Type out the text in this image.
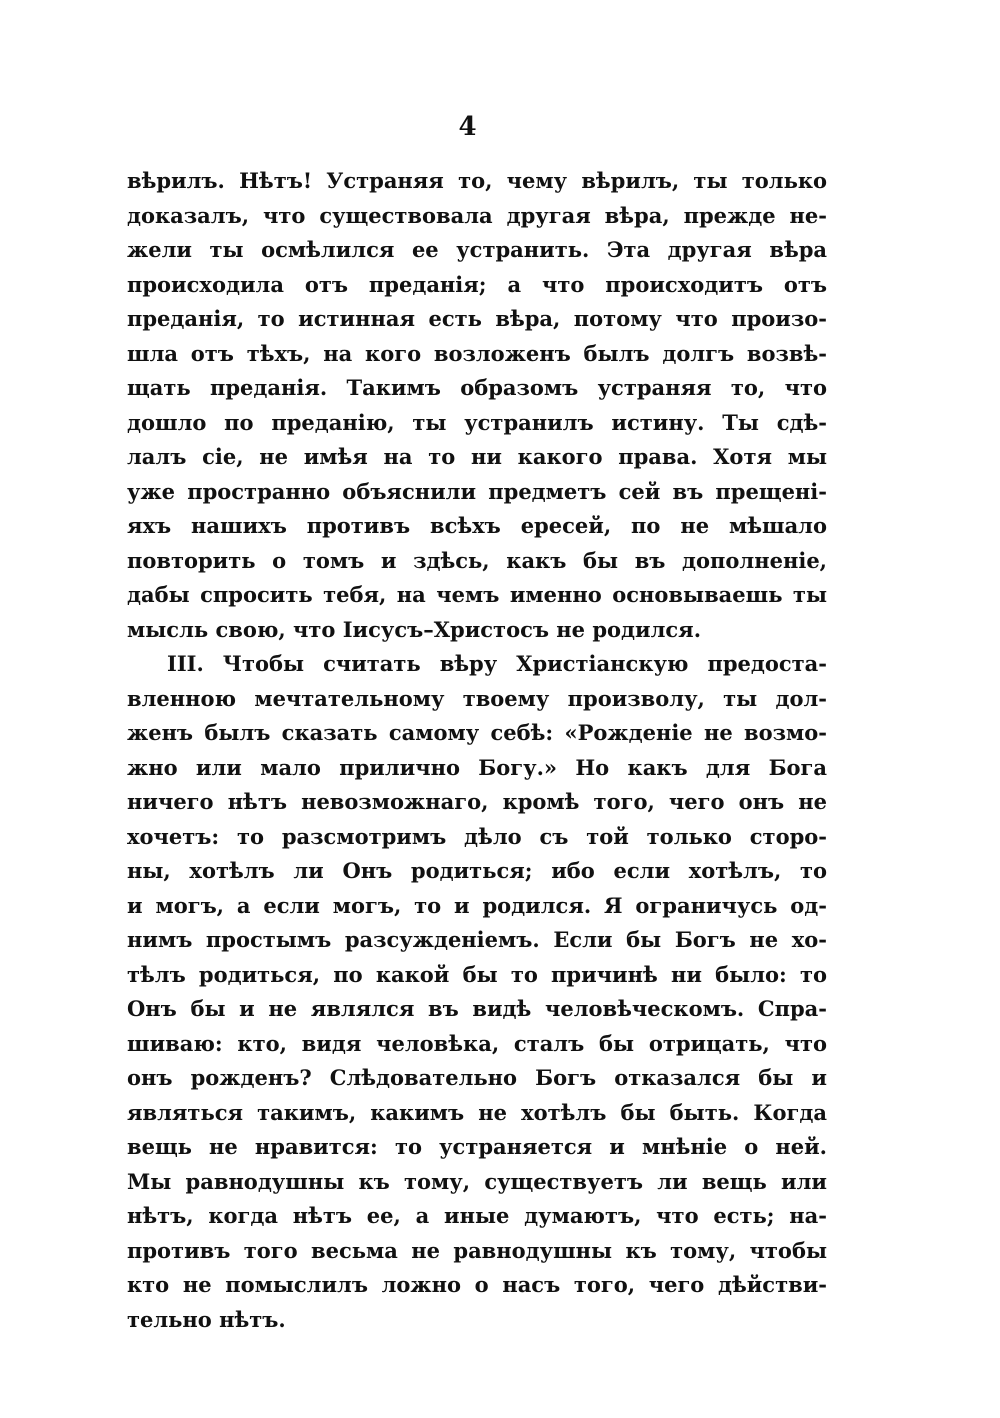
4
вѣрилъ. Нѣтъ! Устраняя то, чему вѣрилъ, ты только
доказалъ, что существовала другая вѣра, прежде не-
жели ты осмѣлился ее устранить. Эта другая вѣра
происходила отъ преданія; а что происходитъ отъ
преданія, то истинная есть вѣра, потому что произо-
шла отъ тѣхъ, на кого возложенъ былъ долгъ возвѣ-
щать преданія. Такимъ образомъ устраняя то, что
дошло по преданію, ты устранилъ истину. Ты сдѣ-
лалъ сіе, не имѣя на то ни какого права. Хотя мы
уже пространно объяснили предметъ сей въ прещені-
яхъ нашихъ противъ всѣхъ ересей, по не мѣшало
повторить о томъ и здѣсь, какъ бы въ дополненіе,
дабы спросить тебя, на чемъ именно основываешь ты
мысль свою, что Іисусъ–Христосъ не родился.
III. Чтобы считать вѣру Христіанскую предоста-
вленною мечтательному твоему произволу, ты дол-
женъ былъ сказать самому себѣ: «Рожденіе не возмо-
жно или мало прилично Богу.» Но какъ для Бога
ничего нѣтъ невозможнаго, кромѣ того, чего онъ не
хочетъ: то разсмотримъ дѣло съ той только сторо-
ны, хотѣлъ ли Онъ родиться; ибо если хотѣлъ, то
и могъ, а если могъ, то и родился. Я ограничусь од-
нимъ простымъ разсужденіемъ. Если бы Богъ не хо-
тѣлъ родиться, по какой бы то причинѣ ни было: то
Онъ бы и не являлся въ видѣ человѣческомъ. Спра-
шиваю: кто, видя человѣка, сталъ бы отрицать, что
онъ рожденъ? Слѣдовательно Богъ отказался бы и
являться такимъ, какимъ не хотѣлъ бы быть. Когда
вещь не нравится: то устраняется и мнѣніе о ней.
Мы равнодушны къ тому, существуетъ ли вещь или
нѣтъ, когда нѣтъ ее, а иные думаютъ, что есть; на-
противъ того весьма не равнодушны къ тому, чтобы
кто не помыслилъ ложно о насъ того, чего дѣйстви-
тельно нѣтъ.
